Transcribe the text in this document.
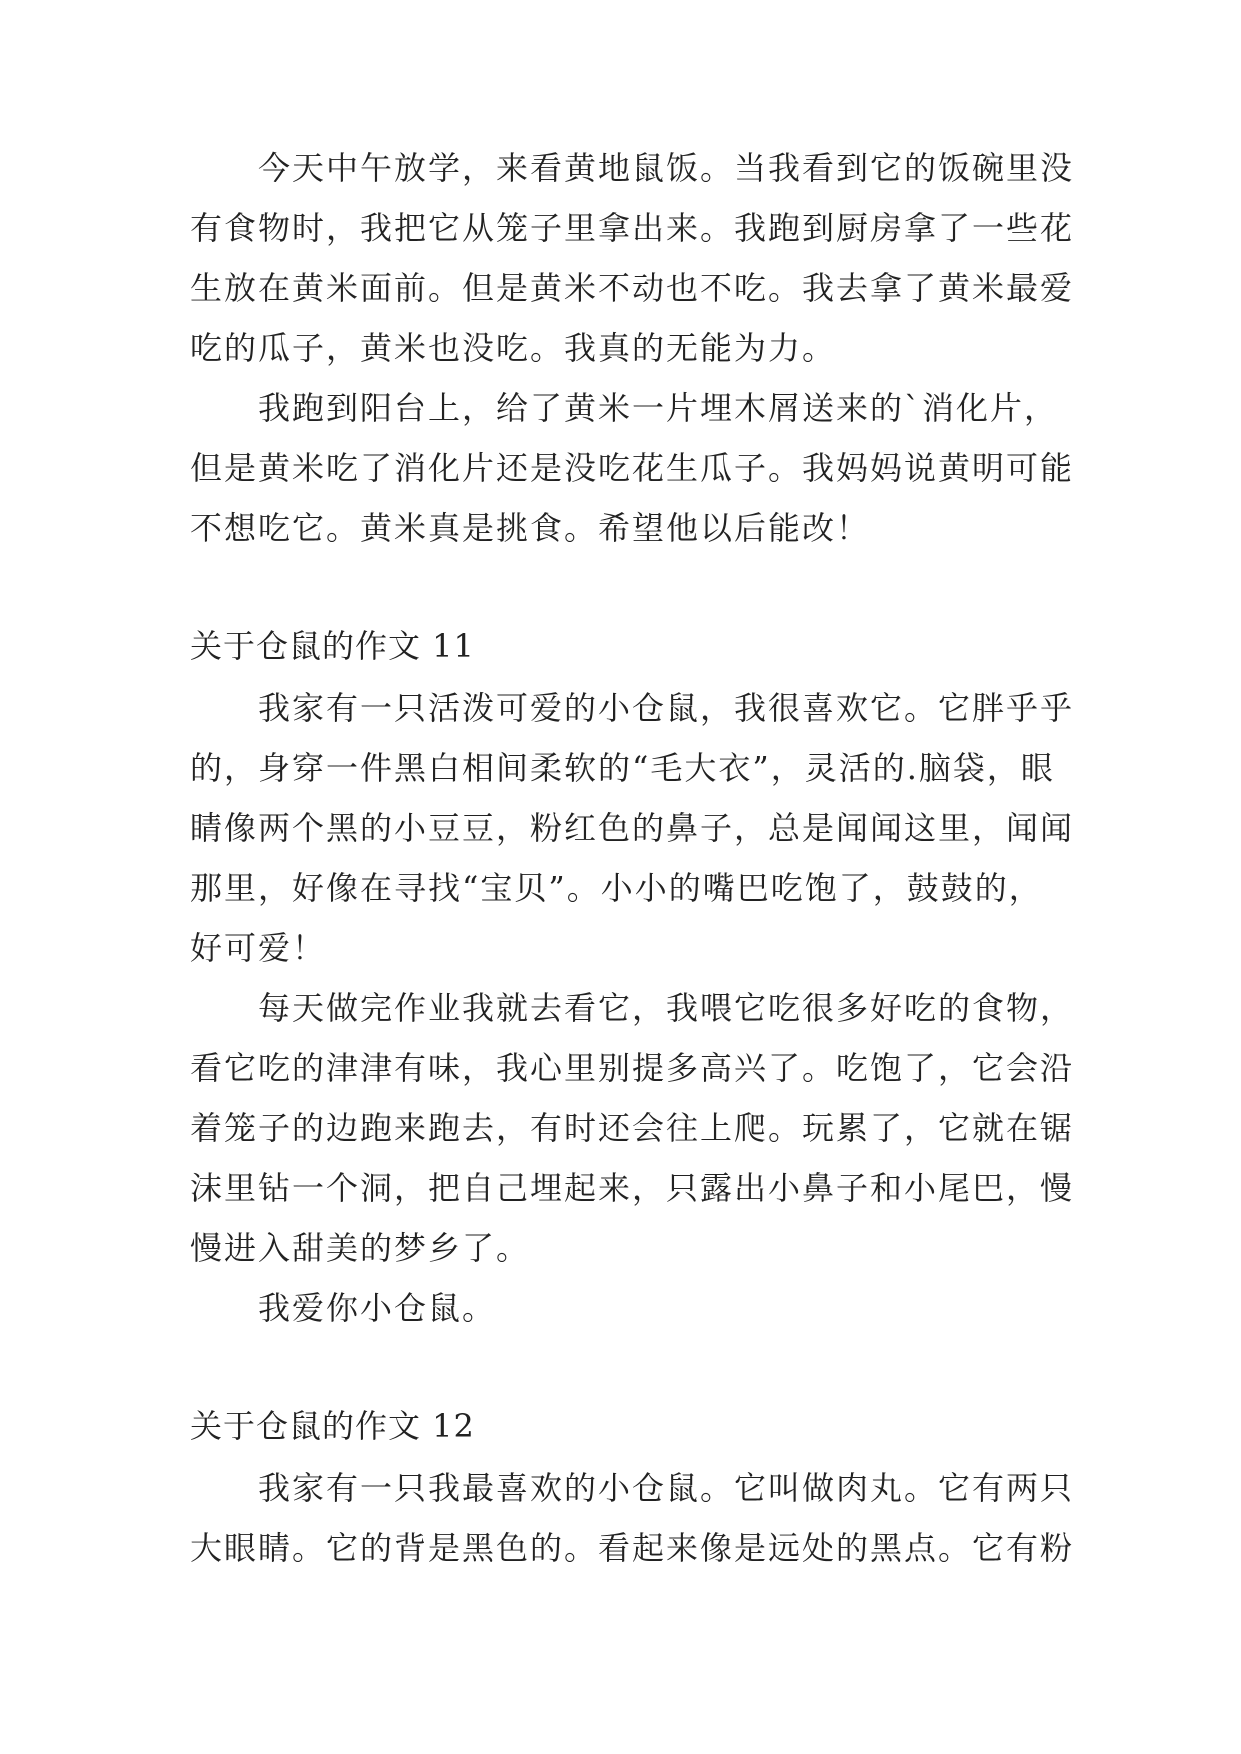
今天中午放学，来看黄地鼠饭。当我看到它的饭碗里没
有食物时，我把它从笼子里拿出来。我跑到厨房拿了一些花
生放在黄米面前。但是黄米不动也不吃。我去拿了黄米最爱
吃的瓜子，黄米也没吃。我真的无能为力。
我跑到阳台上，给了黄米一片埋木屑送来的`消化片，
但是黄米吃了消化片还是没吃花生瓜子。我妈妈说黄明可能
不想吃它。黄米真是挑食。希望他以后能改！
关于仓鼠的作文 11
我家有一只活泼可爱的小仓鼠，我很喜欢它。它胖乎乎
的，身穿一件黑白相间柔软的“毛大衣”，灵活的.脑袋，眼
睛像两个黑的小豆豆，粉红色的鼻子，总是闻闻这里，闻闻
那里，好像在寻找“宝贝”。小小的嘴巴吃饱了，鼓鼓的，
好可爱！
每天做完作业我就去看它，我喂它吃很多好吃的食物，
看它吃的津津有味，我心里别提多高兴了。吃饱了，它会沿
着笼子的边跑来跑去，有时还会往上爬。玩累了，它就在锯
沫里钻一个洞，把自己埋起来，只露出小鼻子和小尾巴，慢
慢进入甜美的梦乡了。
我爱你小仓鼠。
关于仓鼠的作文 12
我家有一只我最喜欢的小仓鼠。它叫做肉丸。它有两只
大眼睛。它的背是黑色的。看起来像是远处的黑点。它有粉
